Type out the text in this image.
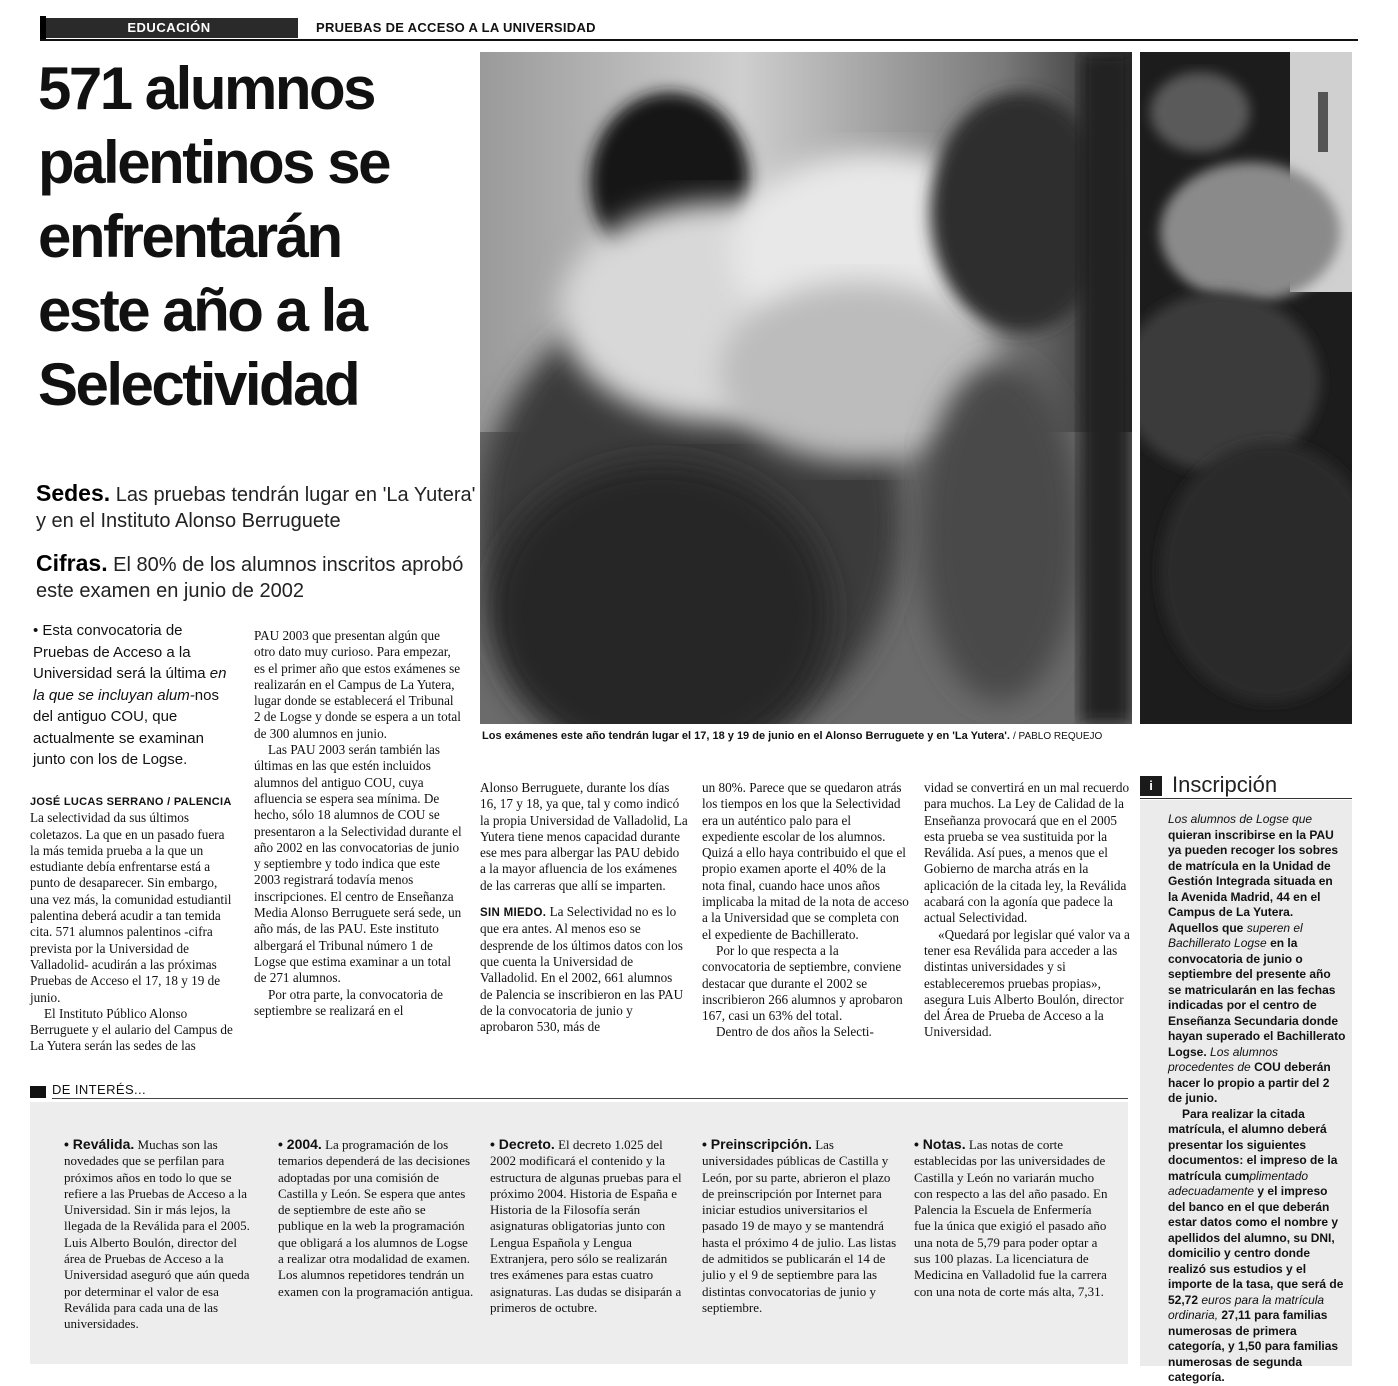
EDUCACIÓN	PRUEBAS DE ACCESO A LA UNIVERSIDAD
571 alumnos
palentinos se
enfrentarán
este año a la
Selectividad
Sedes. Las pruebas tendrán lugar en 'La Yutera' y en el Instituto Alonso Berruguete
Cifras. El 80% de los alumnos inscritos aprobó este examen en junio de 2002
• Esta convocatoria de Pruebas de Acceso a la Universidad será la última en la que se incluyan alum-nos del antiguo COU, que actualmente se examinan junto con los de Logse.
JOSÉ LUCAS SERRANO / PALENCIA

La selectividad da sus últimos coletazos. La que en un pasado fuera la más temida prueba a la que un estudiante debía enfrentarse está a punto de desaparecer. Sin embargo, una vez más, la comunidad estudiantil palentina deberá acudir a tan temida cita. 571 alumnos palentinos -cifra prevista por la Universidad de Valladolid- acudirán a las próximas Pruebas de Acceso el 17, 18 y 19 de junio.

El Instituto Público Alonso Berruguete y el aulario del Campus de La Yutera serán las sedes de las

PAU 2003 que presentan algún que otro dato muy curioso. Para empezar, es el primer año que estos exámenes se realizarán en el Campus de La Yutera, lugar donde se establecerá el Tribunal 2 de Logse y donde se espera a un total de 300 alumnos en junio.

Las PAU 2003 serán también las últimas en las que estén incluidos alumnos del antiguo COU, cuya afluencia se espera sea mínima. De hecho, sólo 18 alumnos de COU se presentaron a la Selectividad durante el año 2002 en las convocatorias de junio y septiembre y todo indica que este 2003 registrará todavía menos inscripciones. El centro de Enseñanza Media Alonso Berruguete será sede, un año más, de las PAU. Este instituto albergará el Tribunal número 1 de Logse que estima examinar a un total de 271 alumnos.

Por otra parte, la convocatoria de septiembre se realizará en el

Alonso Berruguete, durante los días 16, 17 y 18, ya que, tal y como indicó la propia Universidad de Valladolid, La Yutera tiene menos capacidad durante ese mes para albergar las PAU debido a la mayor afluencia de los exámenes de las carreras que allí se imparten.

SIN MIEDO. La Selectividad no es lo que era antes. Al menos eso se desprende de los últimos datos con los que cuenta la Universidad de Valladolid. En el 2002, 661 alumnos de Palencia se inscribieron en las PAU de la convocatoria de junio y aprobaron 530, más de

un 80%. Parece que se quedaron atrás los tiempos en los que la Selectividad era un auténtico palo para el expediente escolar de los alumnos. Quizá a ello haya contribuido el que el propio examen aporte el 40% de la nota final, cuando hace unos años implicaba la mitad de la nota de acceso a la Universidad que se completa con el expediente de Bachillerato.

Por lo que respecta a la convocatoria de septiembre, conviene destacar que durante el 2002 se inscribieron 266 alumnos y aprobaron 167, casi un 63% del total.

Dentro de dos años la Selecti-

vidad se convertirá en un mal recuerdo para muchos. La Ley de Calidad de la Enseñanza provocará que en el 2005 esta prueba se vea sustituida por la Reválida. Así pues, a menos que el Gobierno de marcha atrás en la aplicación de la citada ley, la Reválida acabará con la agonía que padece la actual Selectividad.

«Quedará por legislar qué valor va a tener esa Reválida para acceder a las distintas universidades y si estableceremos pruebas propias», asegura Luis Alberto Boulón, director del Área de Prueba de Acceso a la Universidad.

Los exámenes este año tendrán lugar el 17, 18 y 19 de junio en el Alonso Berruguete y en 'La Yutera'. / PABLO REQUEJO
i Inscripción

Los alumnos de Logse que quieran inscribirse en la PAU ya pueden recoger los sobres de matrícula en la Unidad de Gestión Integrada situada en la Avenida Madrid, 44 en el Campus de La Yutera. Aquellos que superen el Bachillerato Logse en la convocatoria de junio o septiembre del presente año se matricularán en las fechas indicadas por el centro de Enseñanza Secundaria donde hayan superado el Bachillerato Logse. Los alumnos procedentes de COU deberán hacer lo propio a partir del 2 de junio.

Para realizar la citada matrícula, el alumno deberá presentar los siguientes documentos: el impreso de la matrícula cumplimentado adecuadamente y el impreso del banco en el que deberán estar datos como el nombre y apellidos del alumno, su DNI, domicilio y centro donde realizó sus estudios y el importe de la tasa, que será de 52,72 euros para la matrícula ordinaria, 27,11 para familias numerosas de primera categoría, y 1,50 para familias numerosas de segunda categoría.

DE INTERÉS...
• Reválida. Muchas son las novedades que se perfilan para próximos años en todo lo que se refiere a las Pruebas de Acceso a la Universidad. Sin ir más lejos, la llegada de la Reválida para el 2005. Luis Alberto Boulón, director del área de Pruebas de Acceso a la Universidad aseguró que aún queda por determinar el valor de esa Reválida para cada una de las universidades.
• 2004. La programación de los temarios dependerá de las decisiones adoptadas por una comisión de Castilla y León. Se espera que antes de septiembre de este año se publique en la web la programación que obligará a los alumnos de Logse a realizar otra modalidad de examen. Los alumnos repetidores tendrán un examen con la programación antigua.
• Decreto. El decreto 1.025 del 2002 modificará el contenido y la estructura de algunas pruebas para el próximo 2004. Historia de España e Historia de la Filosofía serán asignaturas obligatorias junto con Lengua Española y Lengua Extranjera, pero sólo se realizarán tres exámenes para estas cuatro asignaturas. Las dudas se disiparán a primeros de octubre.
• Preinscripción. Las universidades públicas de Castilla y León, por su parte, abrieron el plazo de preinscripción por Internet para iniciar estudios universitarios el pasado 19 de mayo y se mantendrá hasta el próximo 4 de julio. Las listas de admitidos se publicarán el 14 de julio y el 9 de septiembre para las distintas convocatorias de junio y septiembre.
• Notas. Las notas de corte establecidas por las universidades de Castilla y León no variarán mucho con respecto a las del año pasado. En Palencia la Escuela de Enfermería fue la única que exigió el pasado año una nota de 5,79 para poder optar a sus 100 plazas. La licenciatura de Medicina en Valladolid fue la carrera con una nota de corte más alta, 7,31.
